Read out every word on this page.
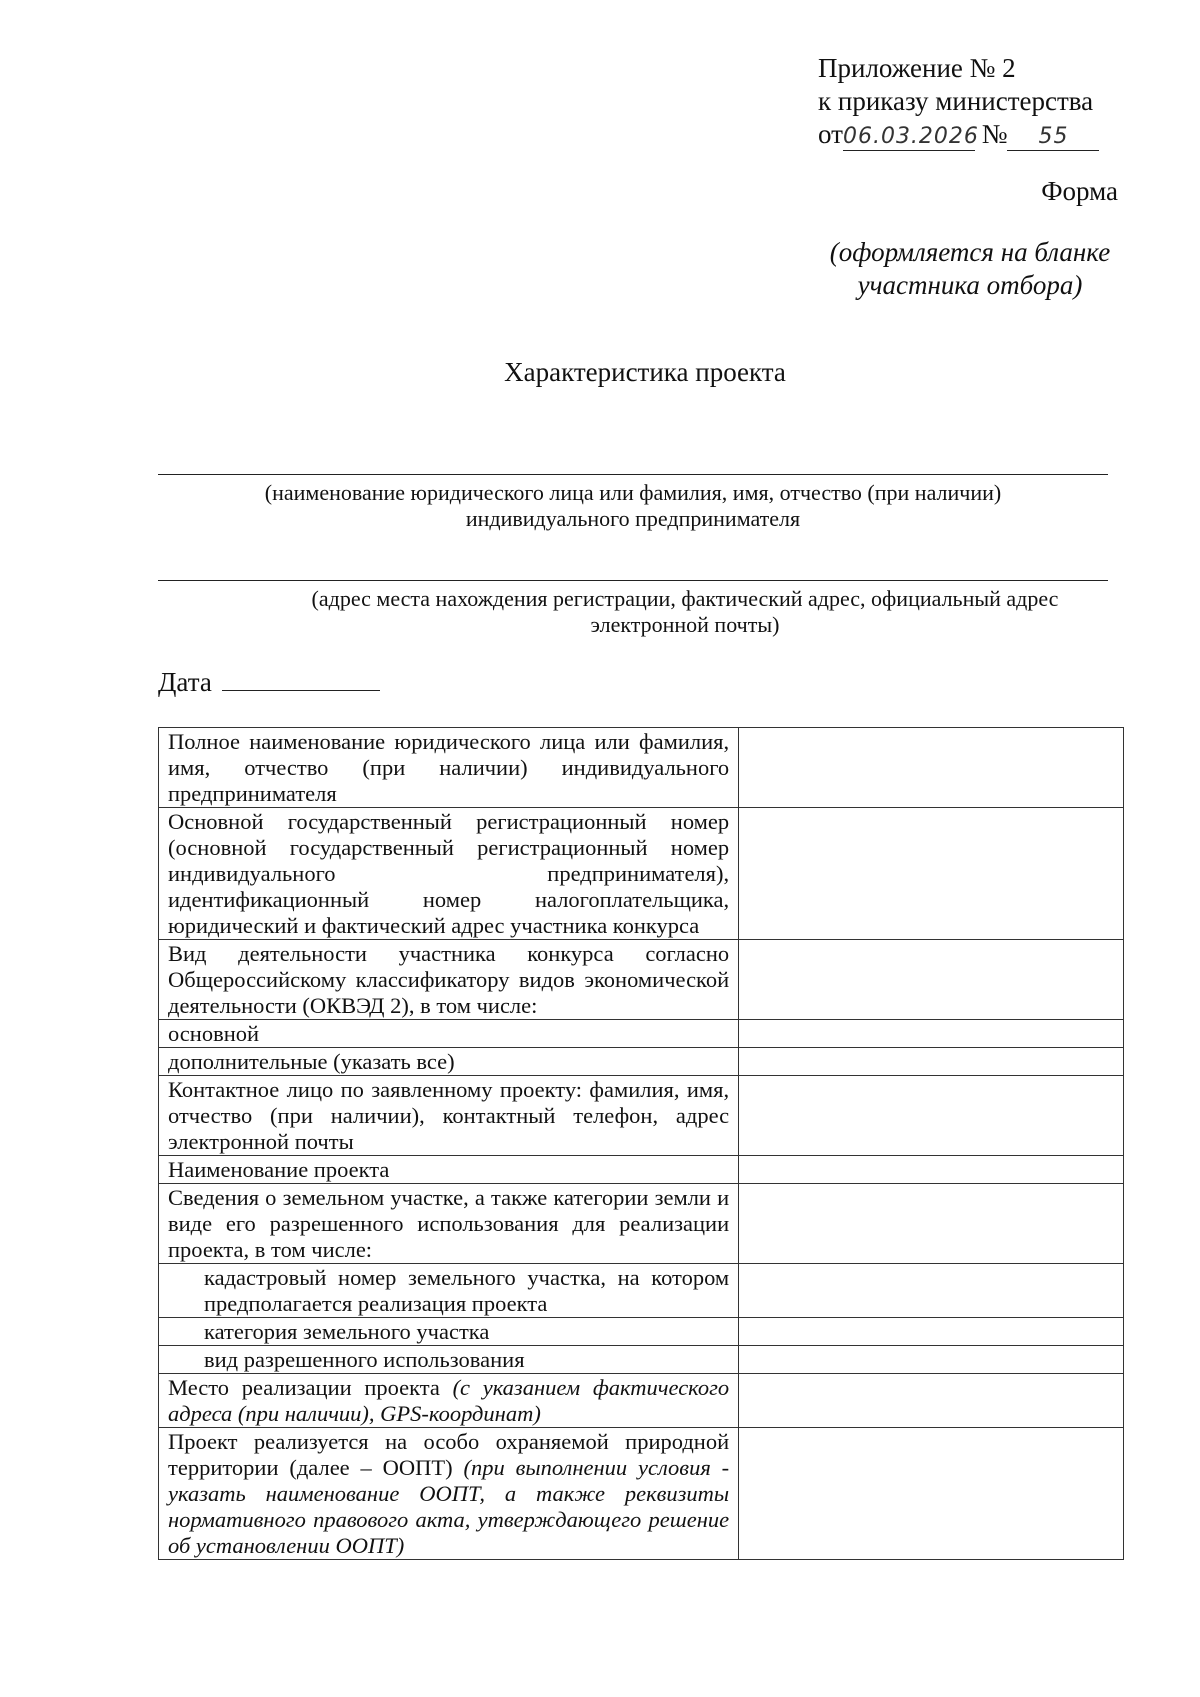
Приложение № 2
к приказу министерства
от06.03.2026 № 55
Форма
(оформляется на бланке
участника отбора)
Характеристика проекта
(наименование юридического лица или фамилия, имя, отчество (при наличии)
индивидуального предпринимателя
(адрес места нахождения регистрации, фактический адрес, официальный адрес
электронной почты)
Дата
Полное наименование юридического лица или фамилия, имя, отчество (при наличии) индивидуального предпринимателя	
Основной государственный регистрационный номер (основной государственный регистрационный номер индивидуального предпринимателя), идентификационный номер налогоплательщика, юридический и фактический адрес участника конкурса	
Вид деятельности участника конкурса согласно Общероссийскому классификатору видов экономической деятельности (ОКВЭД 2), в том числе:	
основной	
дополнительные (указать все)	
Контактное лицо по заявленному проекту: фамилия, имя, отчество (при наличии), контактный телефон, адрес электронной почты	
Наименование проекта	
Сведения о земельном участке, а также категории земли и виде его разрешенного использования для реализации проекта, в том числе:	
кадастровый номер земельного участка, на котором предполагается реализация проекта	
категория земельного участка	
вид разрешенного использования	
Место реализации проекта (с указанием фактического адреса (при наличии), GPS-координат)	
Проект реализуется на особо охраняемой природной территории (далее – ООПТ) (при выполнении условия - указать наименование ООПТ, а также реквизиты нормативного правового акта, утверждающего решение об установлении ООПТ)	
